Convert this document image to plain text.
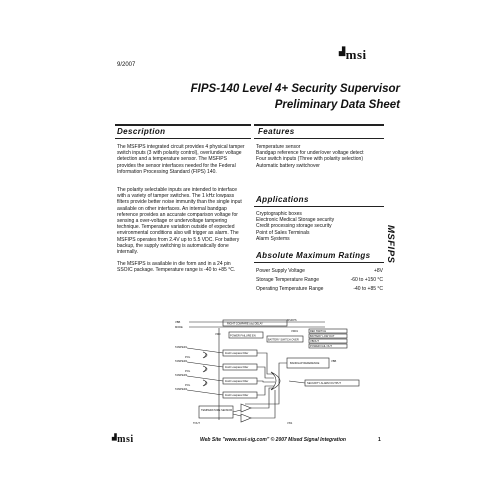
9/2007
▟msi
FIPS-140 Level 4+ Security Supervisor
Preliminary Data Sheet
Description	Features

The MSFIPS integrated circuit provides 4 physical tamper switch inputs (3 with polarity control), over/under voltage detection and a temperature sensor. The MSFIPS provides the sensor interfaces needed for the Federal Information Processing Standard (FIPS) 140.

The polarity selectable inputs are intended to interface with a variety of tamper switches. The 1 kHz lowpass filters provide better noise immunity than the single input available on other interfaces. An internal bandgap reference provides an accurate comparison voltage for sensing a over-voltage or undervoltage tampering technique. Temperature variation outside of expected environmental conditions also will trigger as alarm. The MSFIPS operates from 2.4V up to 5.5 VDC. For battery backup, the supply switching is automatically done internally.

The MSFIPS is available in die form and in a 24 pin SSOIC package. Temperature range is -40 to +85 °C.

Temperature sensor
Bandgap reference for under/over voltage detect
Four switch inputs (Three with polarity selection)
Automatic battery switchover
Applications
Cryptographic boxes
Electronic Medical Storage security
Credit processing storage security
Point of Sales Terminals
Alarm Systems	MSFIPS
Absolute Maximum Ratings
Power Supply Voltage	+8V
Storage Temperature Range	-60 to +150 °C
Operating Temperature Range	-40 to +85 °C
VBB
MODE
VDD
RIGHT COMPARE (dc) DELAY
POWER FAILURE EN
BATTERY SWITCH OVER
MSFIPS
VDD1	REF SWITCH
BATTERY LOW OUT
VBOUT
POWER FAIL OUT
TAMPER1
TAMPER2
TAMPER3
TAMPER4
POL
POL
POL
1kHz Lowpass Filter
1kHz Lowpass Filter
1kHz Lowpass Filter
1kHz Lowpass Filter
BANDGAP REFERENCE
TEMPERATURE SENSOR
SECURITY ALARM OUTPUT
TOUT
VBB
VSS
▟msi	Web Site "www.msi-sig.com" © 2007 Mixed Signal Integration	1
